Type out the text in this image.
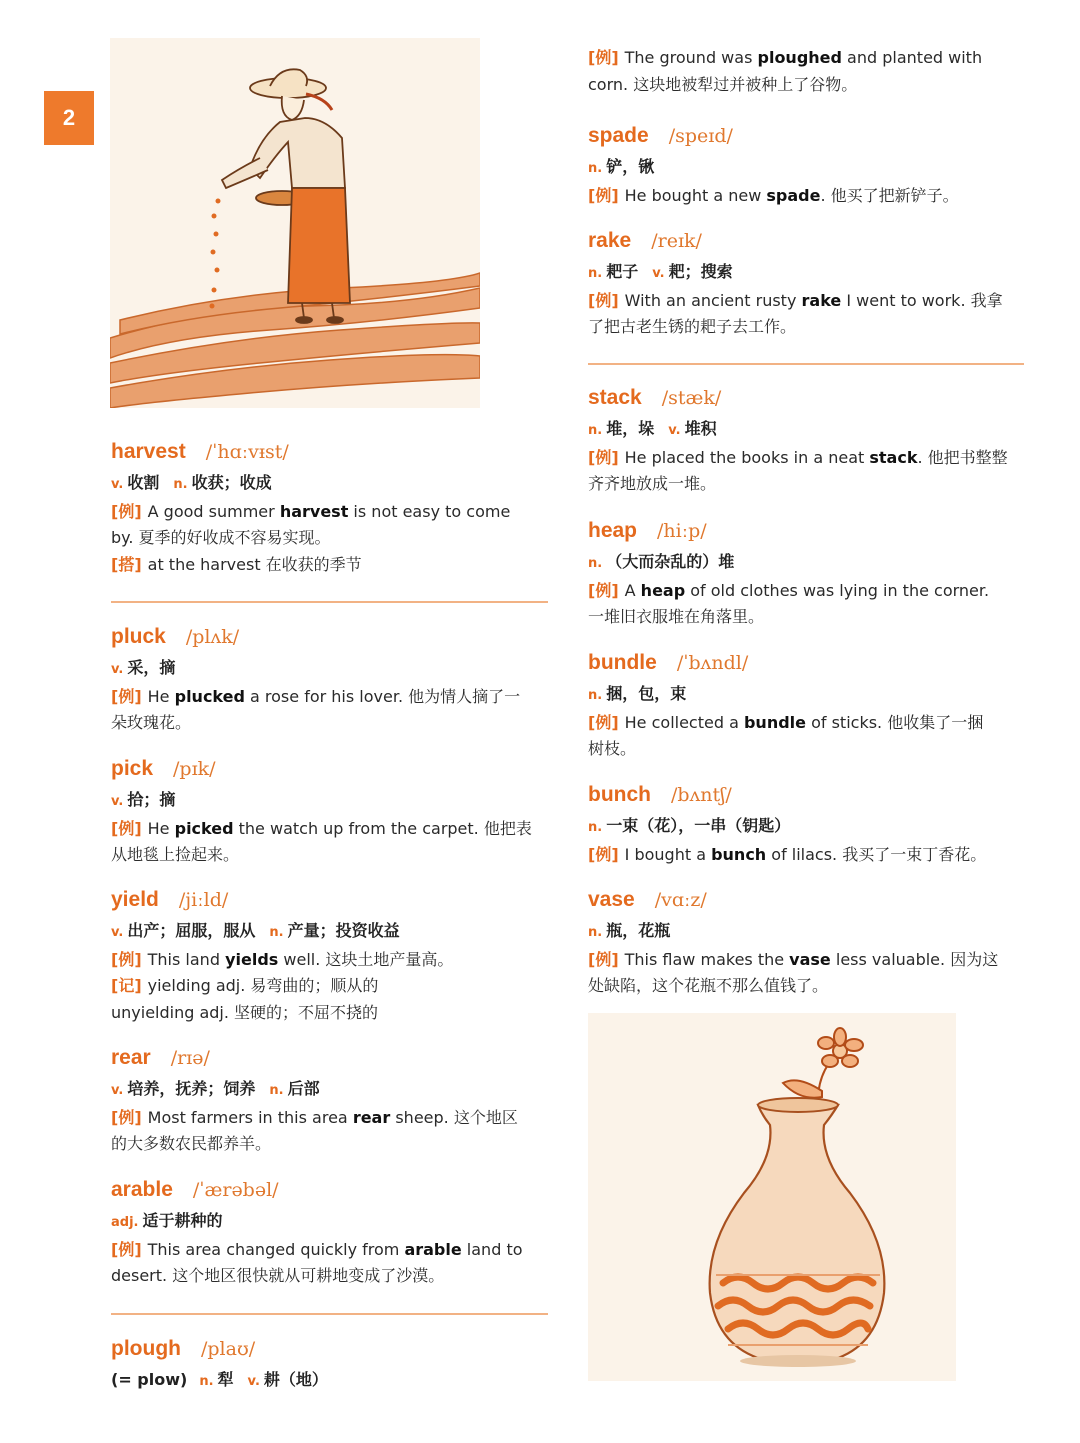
2
harvest /ˈhɑːvɪ̵st/

v. 收割 n. 收获；收成

[例] A good summer harvest is not easy to come

by. 夏季的好收成不容易实现。

[搭] at the harvest 在收获的季节

pluck /plʌk/

v. 采，摘

[例] He plucked a rose for his lover. 他为情人摘了一

朵玫瑰花。

pick /pɪk/

v. 拾；摘

[例] He picked the watch up from the carpet. 他把表

从地毯上捡起来。

yield /jiːld/

v. 出产；屈服，服从 n. 产量；投资收益

[例] This land yields well. 这块土地产量高。

[记] yielding adj. 易弯曲的；顺从的

unyielding adj. 坚硬的；不屈不挠的

rear /rɪə/

v. 培养，抚养；饲养 n. 后部

[例] Most farmers in this area rear sheep. 这个地区

的大多数农民都养羊。

arable /ˈærəbəl/

adj. 适于耕种的

[例] This area changed quickly from arable land to

desert. 这个地区很快就从可耕地变成了沙漠。

plough /plaʊ/

(= plow) n. 犁 v. 耕（地）

[例] The ground was ploughed and planted with

corn. 这块地被犁过并被种上了谷物。

spade /speɪd/

n. 铲，锹

[例] He bought a new spade. 他买了把新铲子。

rake /reɪk/

n. 耙子 v. 耙；搜索

[例] With an ancient rusty rake I went to work. 我拿

了把古老生锈的耙子去工作。

stack /stæk/

n. 堆，垛 v. 堆积

[例] He placed the books in a neat stack. 他把书整整

齐齐地放成一堆。

heap /hiːp/

n. （大而杂乱的）堆

[例] A heap of old clothes was lying in the corner.

一堆旧衣服堆在角落里。

bundle /ˈbʌndl/

n. 捆，包，束

[例] He collected a bundle of sticks. 他收集了一捆

树枝。

bunch /bʌntʃ/

n. 一束（花），一串（钥匙）

[例] I bought a bunch of lilacs. 我买了一束丁香花。

vase /vɑːz/

n. 瓶，花瓶

[例] This flaw makes the vase less valuable. 因为这

处缺陷，这个花瓶不那么值钱了。
